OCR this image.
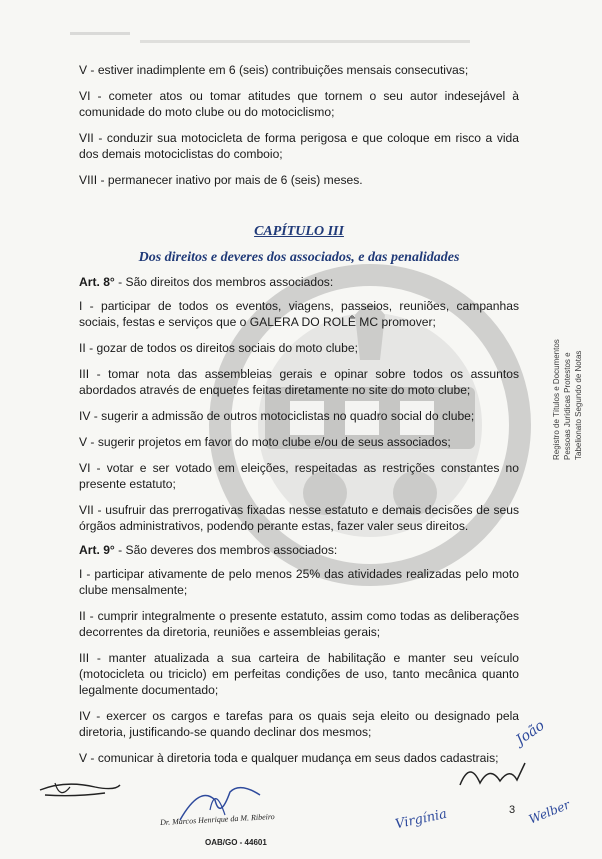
V - estiver inadimplente em 6 (seis) contribuições mensais consecutivas;

VI - cometer atos ou tomar atitudes que tornem o seu autor indesejável à comunidade do moto clube ou do motociclismo;

VII - conduzir sua motocicleta de forma perigosa e que coloque em risco a vida dos demais motociclistas do comboio;

VIII - permanecer inativo por mais de 6 (seis) meses.

CAPÍTULO III
Dos direitos e deveres dos associados, e das penalidades

Art. 8° - São direitos dos membros associados:

I - participar de todos os eventos, viagens, passeios, reuniões, campanhas sociais, festas e serviços que o GALERA DO ROLÊ MC promover;

II - gozar de todos os direitos sociais do moto clube;

III - tomar nota das assembleias gerais e opinar sobre todos os assuntos abordados através de enquetes feitas diretamente no site do moto clube;

IV - sugerir a admissão de outros motociclistas no quadro social do clube;

V - sugerir projetos em favor do moto clube e/ou de seus associados;

VI - votar e ser votado em eleições, respeitadas as restrições constantes no presente estatuto;

VII - usufruir das prerrogativas fixadas nesse estatuto e demais decisões de seus órgãos administrativos, podendo perante estas, fazer valer seus direitos.

Art. 9° - São deveres dos membros associados:

I - participar ativamente de pelo menos 25% das atividades realizadas pelo moto clube mensalmente;

II - cumprir integralmente o presente estatuto, assim como todas as deliberações decorrentes da diretoria, reuniões e assembleias gerais;

III - manter atualizada a sua carteira de habilitação e manter seu veículo (motocicleta ou triciclo) em perfeitas condições de uso, tanto mecânica quanto legalmente documentado;

IV - exercer os cargos e tarefas para os quais seja eleito ou designado pela diretoria, justificando-se quando declinar dos mesmos;

V - comunicar à diretoria toda e qualquer mudança em seus dados cadastrais;

Registro de Títulos e Documentos Pessoas Jurídicas Protestos e Tabelionato Segundo de Notas
Dr. Marcos Henrique da M. Ribeiro
OAB/GO - 44601
Virgínia
João
Welber
3
